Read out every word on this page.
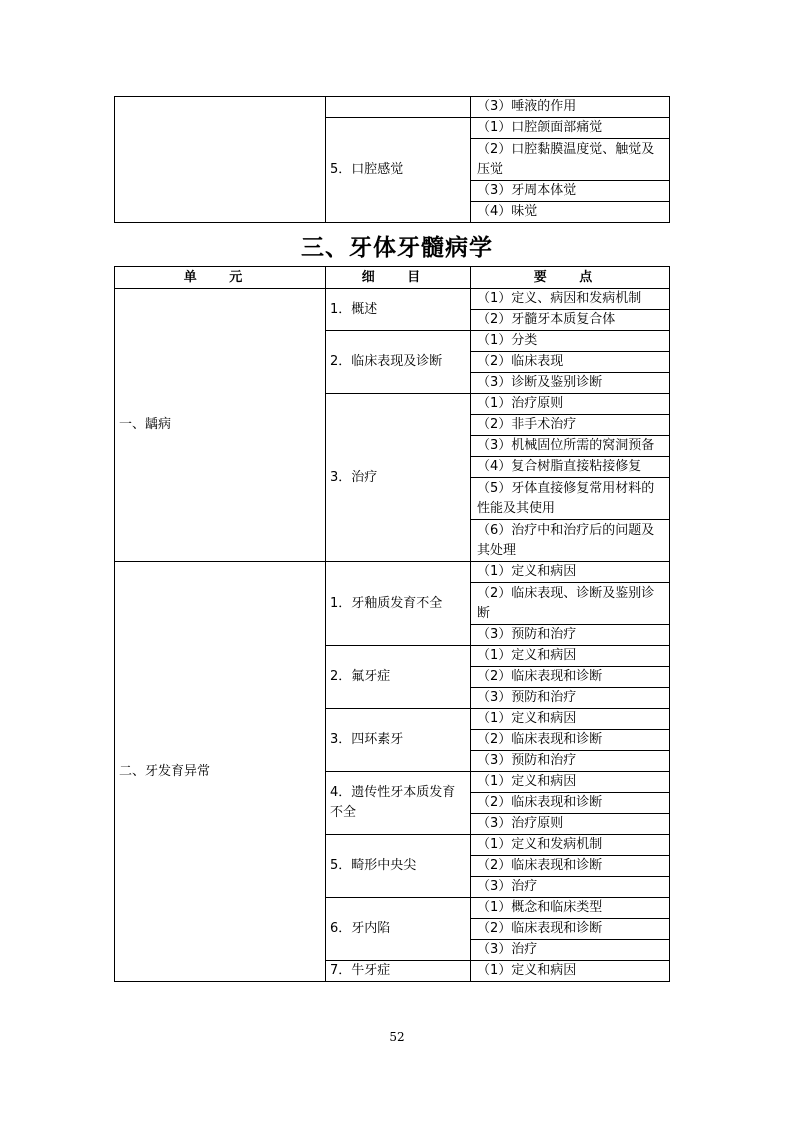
		（3）唾液的作用
	5．口腔感觉	（1）口腔颌面部痛觉
		（2）口腔黏膜温度觉、触觉及压觉
		（3）牙周本体觉
		（4）味觉
三、牙体牙髓病学
单 元	细 目	要 点
一、龋病	1．概述	（1）定义、病因和发病机制
		（2）牙髓牙本质复合体
	2．临床表现及诊断	（1）分类
		（2）临床表现
		（3）诊断及鉴别诊断
	3．治疗	（1）治疗原则
		（2）非手术治疗
		（3）机械固位所需的窝洞预备
		（4）复合树脂直接粘接修复
		（5）牙体直接修复常用材料的性能及其使用
		（6）治疗中和治疗后的问题及其处理
二、牙发育异常	1．牙釉质发育不全	（1）定义和病因
		（2）临床表现、诊断及鉴别诊断
		（3）预防和治疗
	2．氟牙症	（1）定义和病因
		（2）临床表现和诊断
		（3）预防和治疗
	3．四环素牙	（1）定义和病因
		（2）临床表现和诊断
		（3）预防和治疗
	4．遗传性牙本质发育不全	（1）定义和病因
		（2）临床表现和诊断
		（3）治疗原则
	5．畸形中央尖	（1）定义和发病机制
		（2）临床表现和诊断
		（3）治疗
	6．牙内陷	（1）概念和临床类型
		（2）临床表现和诊断
		（3）治疗
	7．牛牙症	（1）定义和病因
52
